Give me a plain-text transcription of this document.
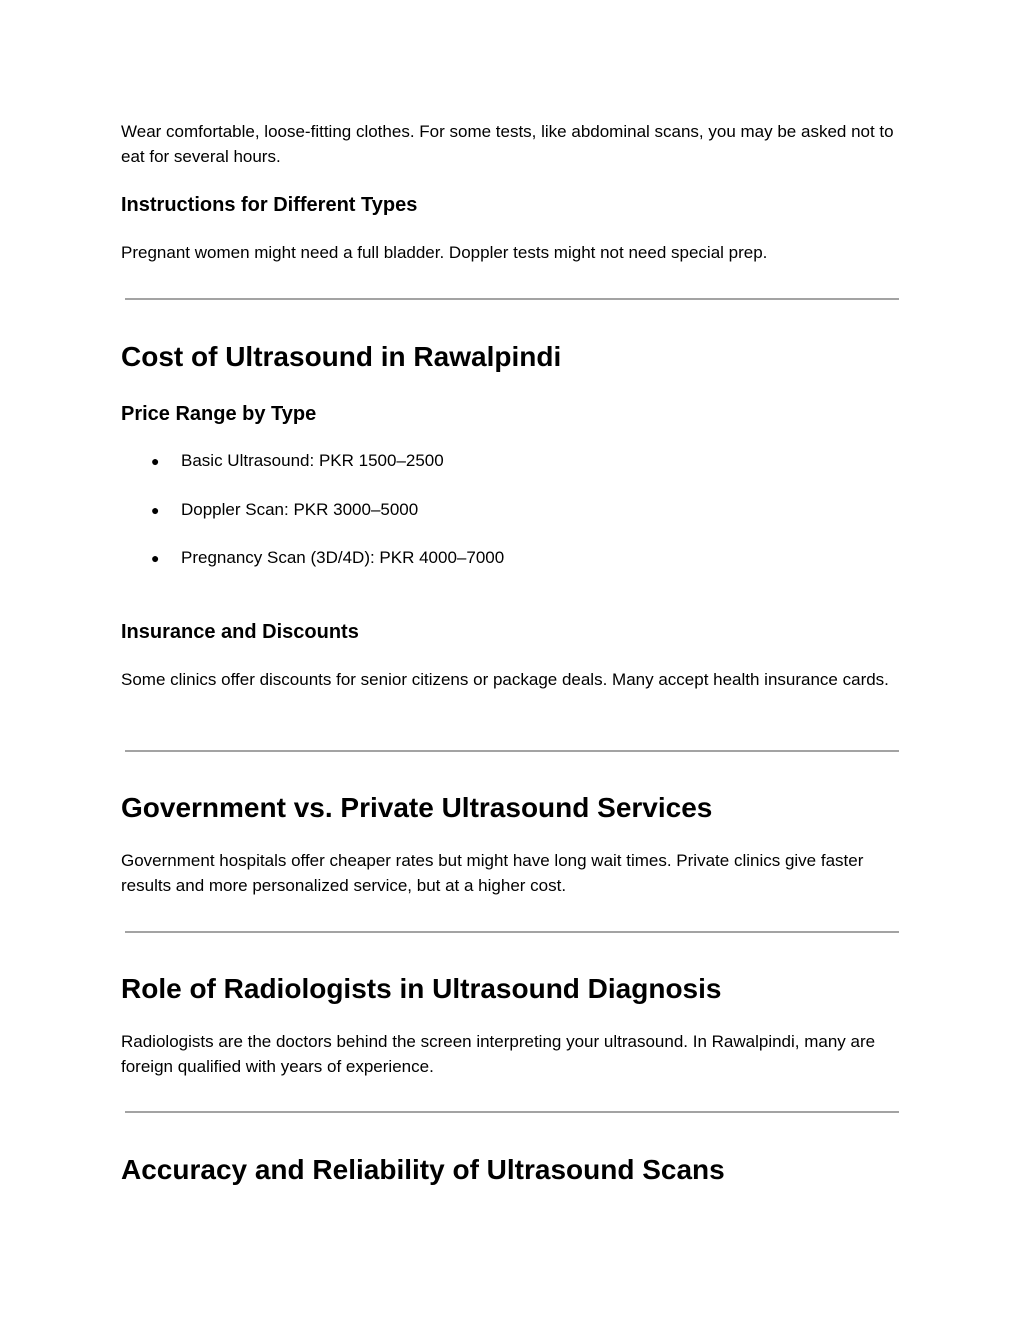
Wear comfortable, loose-fitting clothes. For some tests, like abdominal scans, you may be asked not to eat for several hours.

Instructions for Different Types

Pregnant women might need a full bladder. Doppler tests might not need special prep.

Cost of Ultrasound in Rawalpindi
Price Range by Type
● Basic Ultrasound: PKR 1500–2500
● Doppler Scan: PKR 3000–5000
● Pregnancy Scan (3D/4D): PKR 4000–7000
Insurance and Discounts

Some clinics offer discounts for senior citizens or package deals. Many accept health insurance cards.

Government vs. Private Ultrasound Services

Government hospitals offer cheaper rates but might have long wait times. Private clinics give faster results and more personalized service, but at a higher cost.

Role of Radiologists in Ultrasound Diagnosis

Radiologists are the doctors behind the screen interpreting your ultrasound. In Rawalpindi, many are foreign qualified with years of experience.

Accuracy and Reliability of Ultrasound Scans
